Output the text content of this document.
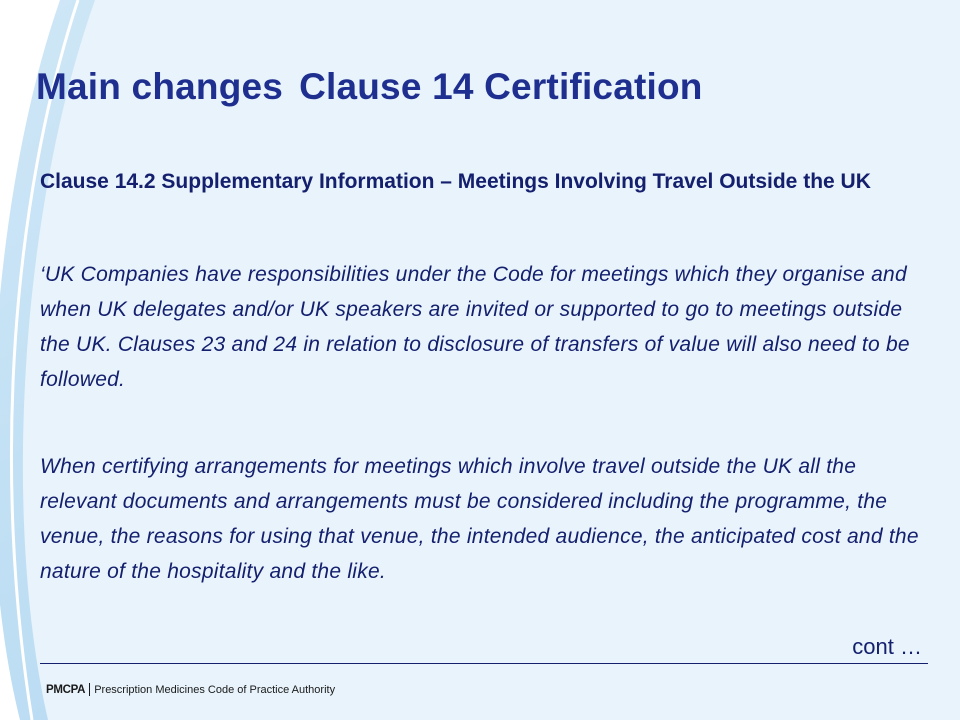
Main changes Clause 14 Certification
Clause 14.2 Supplementary Information – Meetings Involving Travel Outside the UK

‘UK Companies have responsibilities under the Code for meetings which they organise and when UK delegates and/or UK speakers are invited or supported to go to meetings outside the UK. Clauses 23 and 24 in relation to disclosure of transfers of value will also need to be followed.

When certifying arrangements for meetings which involve travel outside the UK all the relevant documents and arrangements must be considered including the programme, the venue, the reasons for using that venue, the intended audience, the anticipated cost and the nature of the hospitality and the like.

cont …

PMCPA Prescription Medicines Code of Practice Authority
